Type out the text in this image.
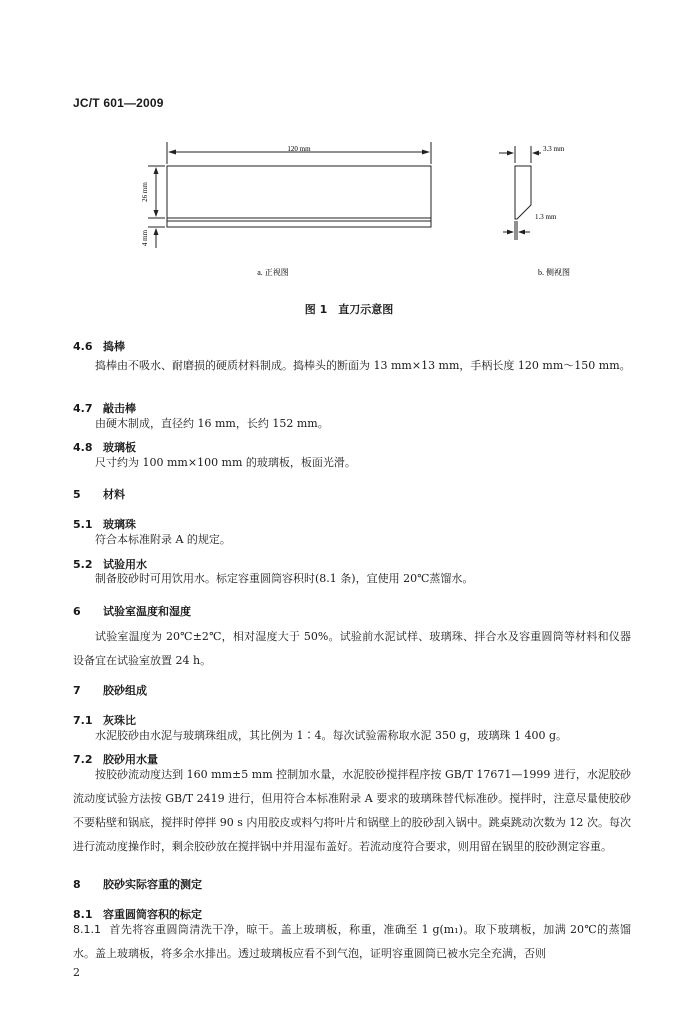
JC/T 601—2009
120 mm
26 mm
4 mm
a. 正视图
3.3 mm
1.3 mm
b. 侧视图
图 1　直刀示意图
4.6 捣棒
捣棒由不吸水、耐磨损的硬质材料制成。捣棒头的断面为 13 mm×13 mm，手柄长度 120 mm～150 mm。
4.7 敲击棒
由硬木制成，直径约 16 mm，长约 152 mm。
4.8 玻璃板
尺寸约为 100 mm×100 mm 的玻璃板，板面光滑。
5 材料
5.1 玻璃珠
符合本标准附录 A 的规定。
5.2 试验用水
制备胶砂时可用饮用水。标定容重圆筒容积时(8.1 条)，宜使用 20℃蒸馏水。
6 试验室温度和湿度
试验室温度为 20℃±2℃，相对湿度大于 50%。试验前水泥试样、玻璃珠、拌合水及容重圆筒等材料和仪器设备宜在试验室放置 24 h。
7 胶砂组成
7.1 灰珠比
水泥胶砂由水泥与玻璃珠组成，其比例为 1∶4。每次试验需称取水泥 350 g，玻璃珠 1 400 g。
7.2 胶砂用水量
按胶砂流动度达到 160 mm±5 mm 控制加水量，水泥胶砂搅拌程序按 GB/T 17671—1999 进行，水泥胶砂流动度试验方法按 GB/T 2419 进行，但用符合本标准附录 A 要求的玻璃珠替代标准砂。搅拌时，注意尽量使胶砂不要粘壁和锅底，搅拌时停拌 90 s 内用胶皮或料勺将叶片和锅壁上的胶砂刮入锅中。跳桌跳动次数为 12 次。每次进行流动度操作时，剩余胶砂放在搅拌锅中并用湿布盖好。若流动度符合要求，则用留在锅里的胶砂测定容重。
8 胶砂实际容重的测定
8.1 容重圆筒容积的标定
8.1.1 首先将容重圆筒清洗干净，晾干。盖上玻璃板，称重，准确至 1 g(m₁)。取下玻璃板，加满 20℃的蒸馏水。盖上玻璃板，将多余水排出。透过玻璃板应看不到气泡，证明容重圆筒已被水完全充满，否则
2
